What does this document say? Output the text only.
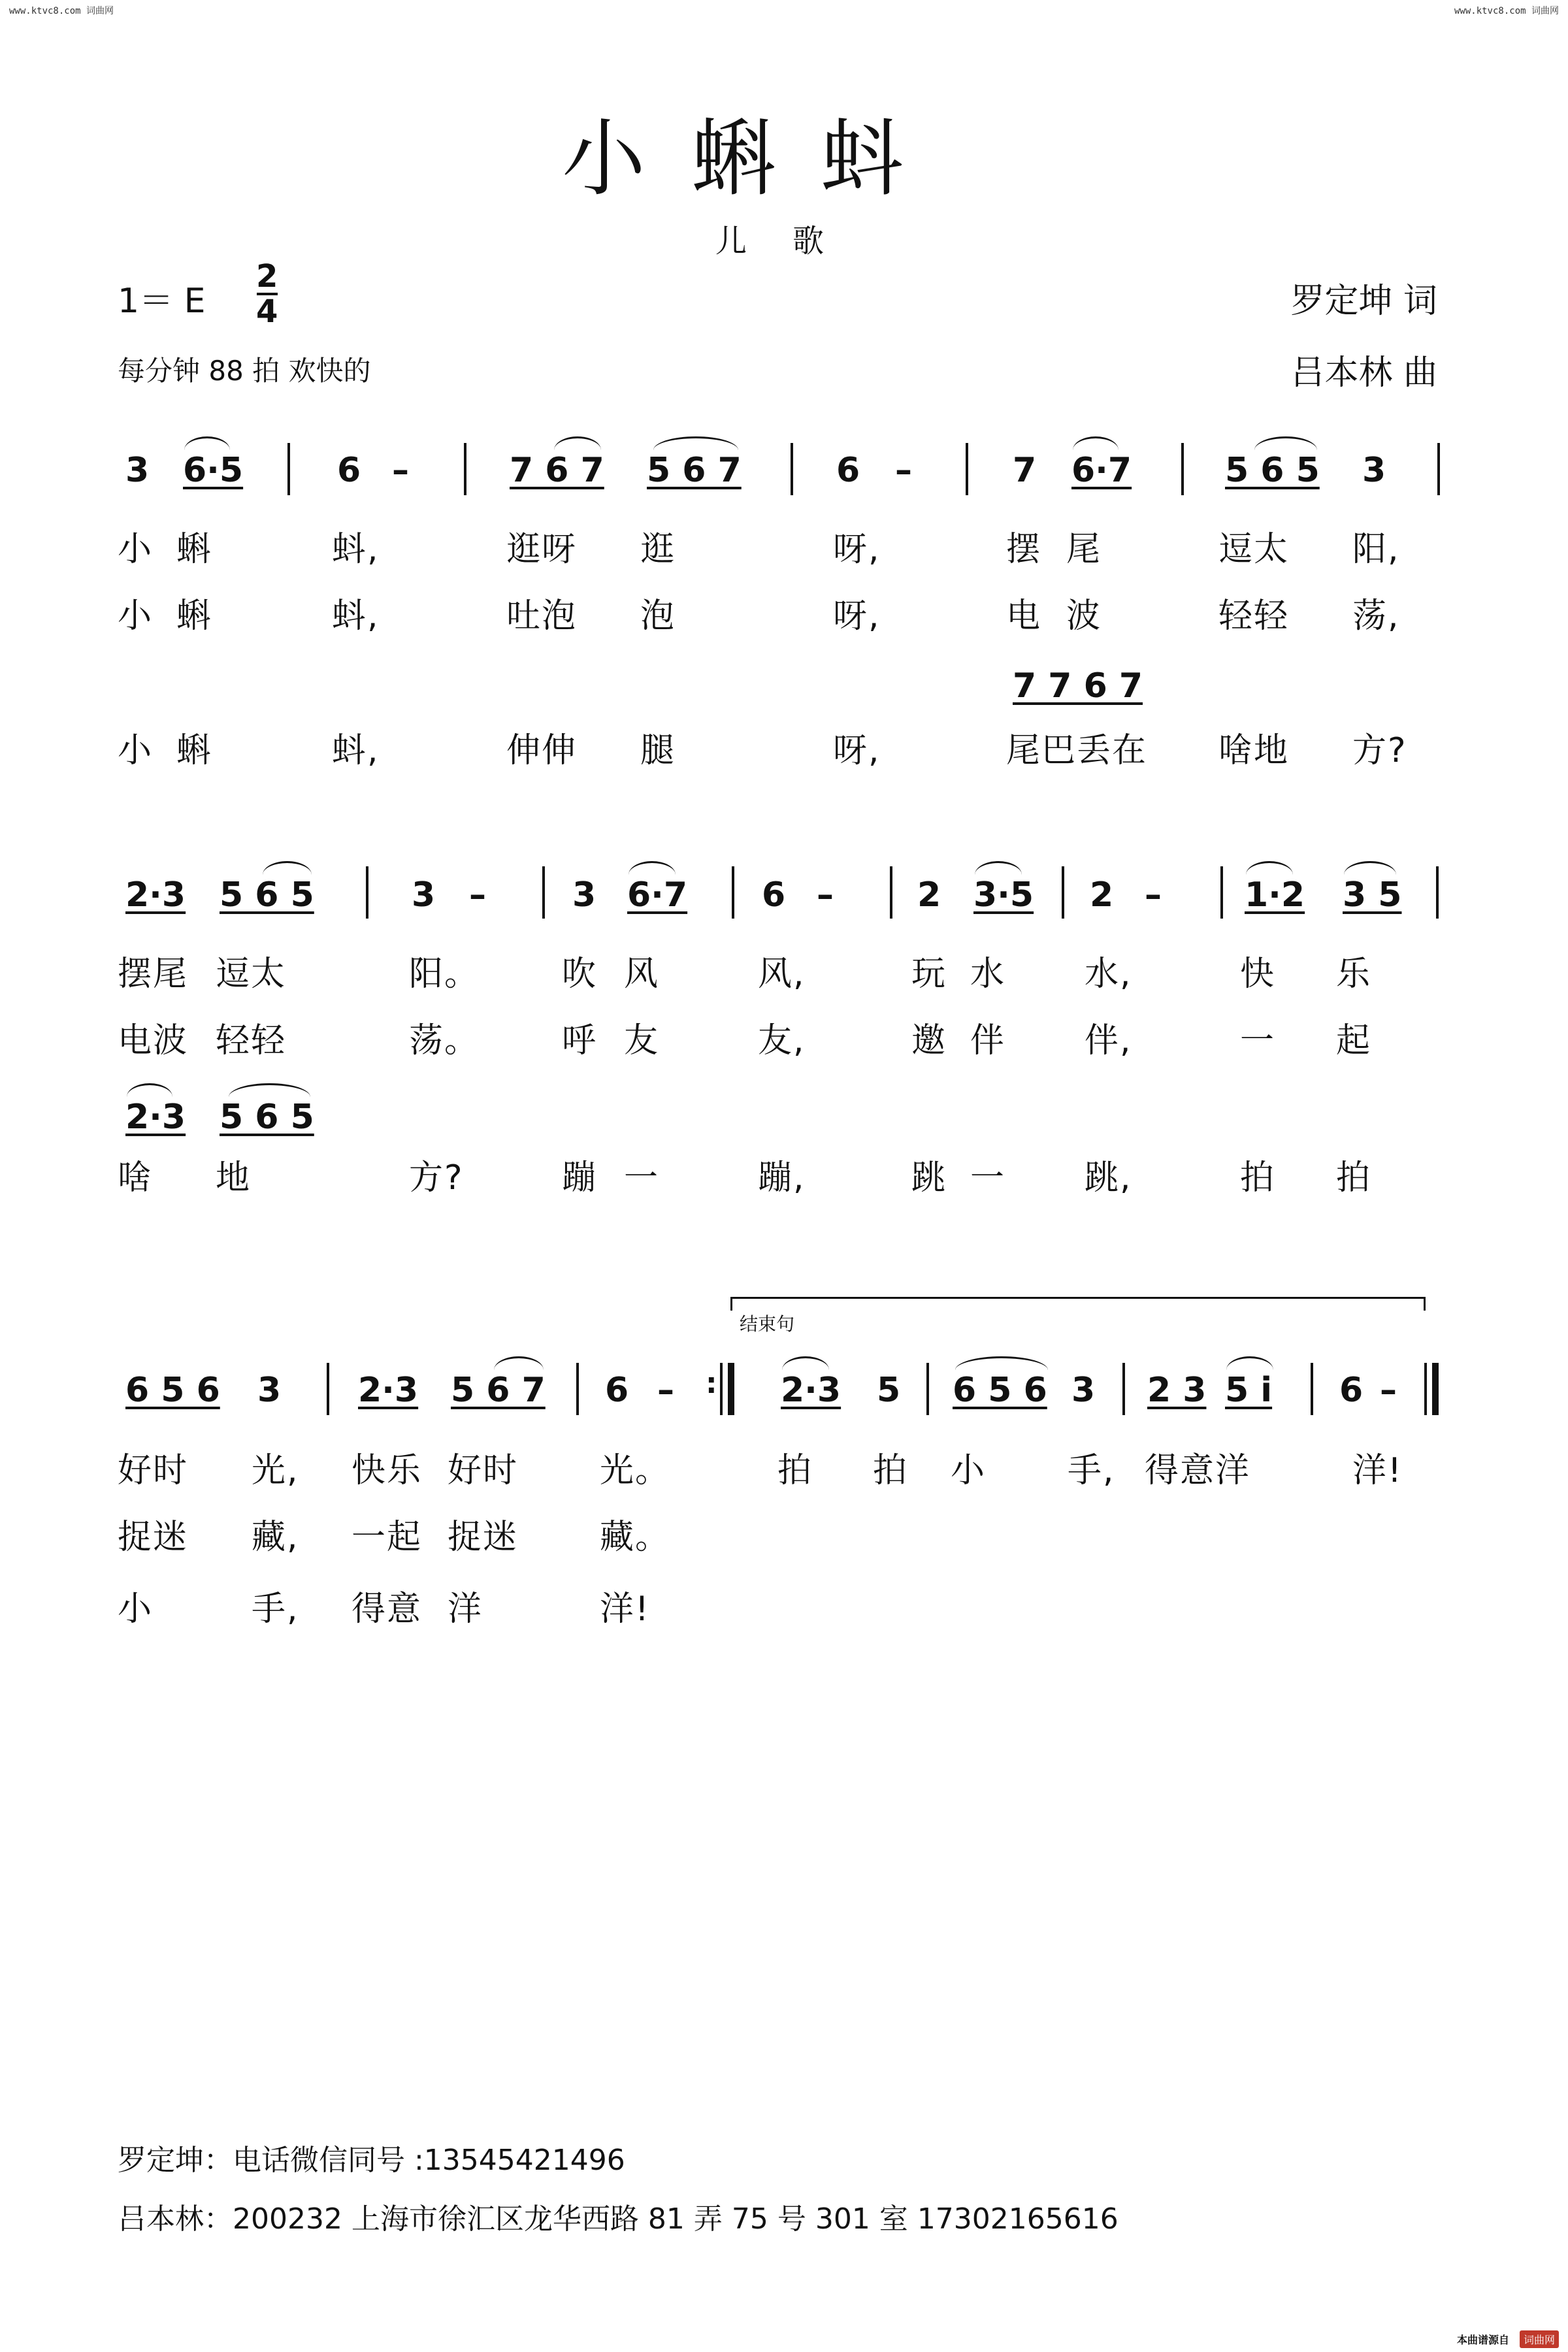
www.ktvc8.com 词曲网	www.ktvc8.com 词曲网
小蝌蚪
儿歌
1＝ E
2
4
每分钟 88 拍 欢快的
罗定坤 词
吕本林 曲
3 6·5	6 –	7 6 7 5 6 7	6 –	7 6·7	5 6 5 3
小 蝌	蚪,	逛呀 逛	呀,	摆 尾	逗太 阳,
小 蝌	蚪,	吐泡 泡	呀,	电 波	轻轻 荡,
7 7 6 7
小 蝌	蚪,	伸伸 腿	呀,	尾巴丢在 啥地 方?
2·3 5 6 5	3 –	3 6·7 6 – 2 3·5 2 – 1·2 3 5
摆尾 逗太	阳。 吹 风	风,	玩 水 水,	快 乐
电波 轻轻	荡。 呼 友	友,	邀 伴 伴,	一 起
2·3 5 6 5
啥 地	方?	蹦 一	蹦,	跳 一 跳,	拍 拍
结束句
6 5 6 3 2·3 5 6 7 6 – : 2·3 5 6 5 6 3 2 3 5 i 6 –
好时 光, 快乐 好时 光。	拍 拍 小 手, 得意洋	洋!
捉迷 藏, 一起 捉迷 藏。
小	手, 得意 洋	洋!
罗定坤：电话微信同号 :13545421496
吕本林：200232 上海市徐汇区龙华西路 81 弄 75 号 301 室 17302165616
本曲谱源自	词曲网
